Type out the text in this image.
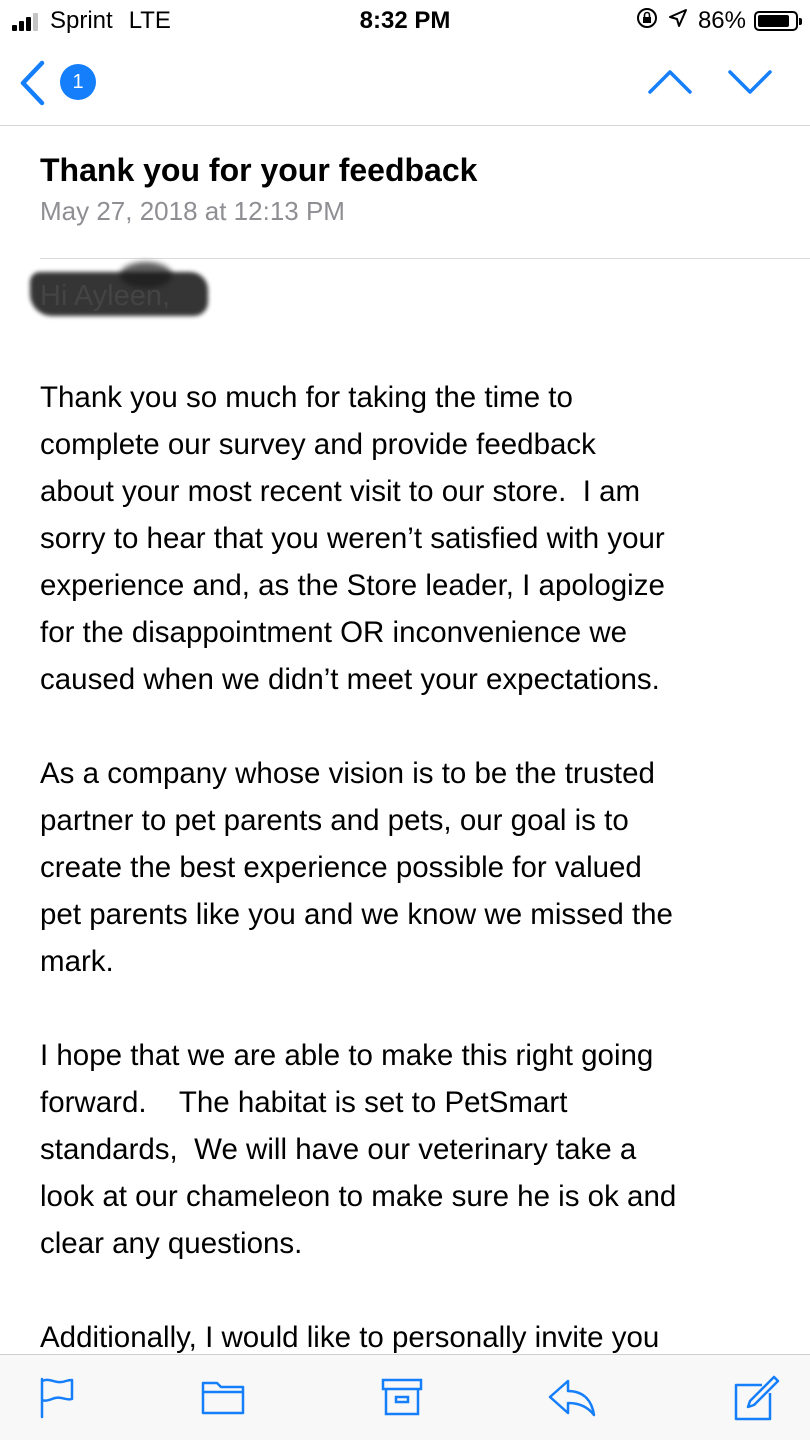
Sprint LTE	8:32 PM	86%
1
Thank you for your feedback
May 27, 2018 at 12:13 PM
Hi Ayleen,

Thank you so much for taking the time to
complete our survey and provide feedback
about your most recent visit to our store.  I am
sorry to hear that you weren’t satisfied with your
experience and, as the Store leader, I apologize
for the disappointment OR inconvenience we
caused when we didn’t meet your expectations.

As a company whose vision is to be the trusted
partner to pet parents and pets, our goal is to
create the best experience possible for valued
pet parents like you and we know we missed the
mark.

I hope that we are able to make this right going
forward.    The habitat is set to PetSmart
standards,  We will have our veterinary take a
look at our chameleon to make sure he is ok and
clear any questions.

Additionally, I would like to personally invite you
